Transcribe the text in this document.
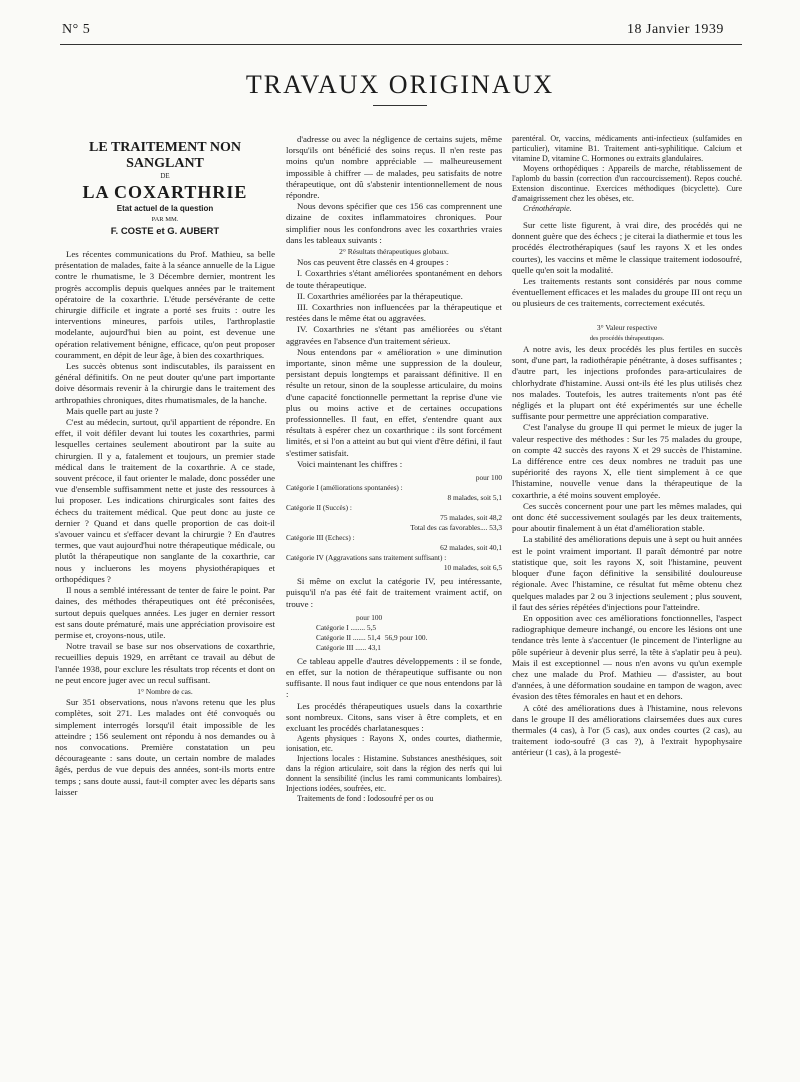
N° 5	18 Janvier 1939
TRAVAUX ORIGINAUX
LE TRAITEMENT NON SANGLANT
DE
LA COXARTHRIE
Etat actuel de la question
PAR MM.
F. COSTE et G. AUBERT

Les récentes communications du Prof. Mathieu, sa belle présentation de malades, faite à la séance annuelle de la Ligue contre le rhumatisme, le 3 Décembre dernier, montrent les progrès accomplis depuis quelques années par le traitement opératoire de la coxarthrie. L'étude persévérante de cette chirurgie difficile et ingrate a porté ses fruits : outre les interventions mineures, parfois utiles, l'arthroplastie modelante, aujourd'hui bien au point, est devenue une opération relativement bénigne, efficace, qu'on peut proposer couramment, en dépit de leur âge, à bien des coxarthriques.

Les succès obtenus sont indiscutables, ils paraissent en général définitifs. On ne peut douter qu'une part importante doive désormais revenir à la chirurgie dans le traitement des arthropathies chroniques, dites rhumatismales, de la hanche.

Mais quelle part au juste ?

C'est au médecin, surtout, qu'il appartient de répondre. En effet, il voit défiler devant lui toutes les coxarthries, parmi lesquelles certaines seulement aboutiront par la suite au chirurgien. Il y a, fatalement et toujours, un premier stade médical dans le traitement de la coxarthrie. A ce stade, souvent précoce, il faut orienter le malade, donc posséder une vue d'ensemble suffisamment nette et juste des ressources à lui proposer. Les indications chirurgicales sont faites des échecs du traitement médical. Que peut donc au juste ce dernier ? Quand et dans quelle proportion de cas doit-il s'avouer vaincu et s'effacer devant la chirurgie ? En d'autres termes, que vaut aujourd'hui notre thérapeutique médicale, ou plutôt la thérapeutique non sanglante de la coxarthrie, car nous y incluerons les moyens physiothérapiques et orthopédiques ?

Il nous a semblé intéressant de tenter de faire le point. Par daines, des méthodes thérapeutiques ont été préconisées, surtout depuis quelques années. Les juger en dernier ressort est sans doute prématuré, mais une appréciation provisoire est permise et, croyons-nous, utile.

Notre travail se base sur nos observations de coxarthrie, recueillies depuis 1929, en arrêtant ce travail au début de l'année 1938, pour exclure les résultats trop récents et dont on ne peut encore juger avec un recul suffisant.

1° Nombre de cas.

Sur 351 observations, nous n'avons retenu que les plus complètes, soit 271. Les malades ont été convoqués ou simplement interrogés lorsqu'il était impossible de les atteindre ; 156 seulement ont répondu à nos demandes ou à nos convocations. Première constatation un peu décourageante : sans doute, un certain nombre de malades âgés, perdus de vue depuis des années, sont-ils morts entre temps ; sans doute aussi, faut-il compter avec les départs sans laisser

d'adresse ou avec la négligence de certains sujets, même lorsqu'ils ont bénéficié des soins reçus. Il n'en reste pas moins qu'un nombre appréciable — malheureusement impossible à chiffrer — de malades, peu satisfaits de notre thérapeutique, ont dû s'abstenir intentionnellement de nous répondre.

Nous devons spécifier que ces 156 cas comprennent une dizaine de coxites inflammatoires chroniques. Pour simplifier nous les confondrons avec les coxarthries vraies dans les tableaux suivants :

2° Résultats thérapeutiques globaux.

Nos cas peuvent être classés en 4 groupes :

I. Coxarthries s'étant améliorées spontanément en dehors de toute thérapeutique.

II. Coxarthries améliorées par la thérapeutique.

III. Coxarthries non influencées par la thérapeutique et restées dans le même état ou aggravées.

IV. Coxarthries ne s'étant pas améliorées ou s'étant aggravées en l'absence d'un traitement sérieux.

Nous entendons par « amélioration » une diminution importante, sinon même une suppression de la douleur, persistant depuis longtemps et paraissant définitive. Il en résulte un retour, sinon de la souplesse articulaire, du moins d'une capacité fonctionnelle permettant la reprise d'une vie plus ou moins active et de certaines occupations professionnelles. Il faut, en effet, s'entendre quant aux résultats à espérer chez un coxarthrique : ils sont forcément limités, et si l'on a atteint au but qui vient d'être défini, il faut s'estimer satisfait.

Voici maintenant les chiffres :

pour 100
Catégorie I (améliorations spontanées) :
8 malades, soit 5,1
Catégorie II (Succès) :
75 malades, soit 48,2
Total des cas favorables.... 53,3
Catégorie III (Echecs) :
62 malades, soit 40,1
Catégorie IV (Aggravations sans traitement suffisant) :
10 malades, soit 6,5

Si même on exclut la catégorie IV, peu intéressante, puisqu'il n'a pas été fait de traitement vraiment actif, on trouve :

pour 100
Catégorie I ........ 5,5
Catégorie II ....... 51,4
Catégorie III ...... 43,1
56,9 pour 100.

Ce tableau appelle d'autres développements : il se fonde, en effet, sur la notion de thérapeutique suffisante ou non suffisante. Il nous faut indiquer ce que nous entendons par là :

Les procédés thérapeutiques usuels dans la coxarthrie sont nombreux. Citons, sans viser à être complets, et en excluant les procédés charlatanesques :

Agents physiques : Rayons X, ondes courtes, diathermie, ionisation, etc.

Injections locales : Histamine. Substances anesthésiques, soit dans la région articulaire, soit dans la région des nerfs qui lui donnent la sensibilité (inclus les rami communicants lombaires). Injections iodées, soufrées, etc.

Traitements de fond : Iodosoufré per os ou

parentéral. Or, vaccins, médicaments anti-infectieux (sulfamides en particulier), vitamine B1. Traitement anti-syphilitique. Calcium et vitamine D, vitamine C. Hormones ou extraits glandulaires.

Moyens orthopédiques : Appareils de marche, rétablissement de l'aplomb du bassin (correction d'un raccourcissement). Repos couché. Extension discontinue. Exercices méthodiques (bicyclette). Cure d'amaigrissement chez les obèses, etc.

Crénothérapie.

Sur cette liste figurent, à vrai dire, des procédés qui ne donnent guère que des échecs ; je citerai la diathermie et tous les procédés électrothérapiques (sauf les rayons X et les ondes courtes), les vaccins et même le classique traitement iodosoufré, quelle qu'en soit la modalité.

Les traitements restants sont considérés par nous comme éventuellement efficaces et les malades du groupe III ont reçu un ou plusieurs de ces traitements, correctement exécutés.

3° Valeur respective

des procédés thérapeutiques.

A notre avis, les deux procédés les plus fertiles en succès sont, d'une part, la radiothérapie pénétrante, à doses suffisantes ; d'autre part, les injections profondes para-articulaires de chlorhydrate d'histamine. Aussi ont-ils été les plus utilisés chez nos malades. Toutefois, les autres traitements n'ont pas été négligés et la plupart ont été expérimentés sur une échelle suffisante pour permettre une appréciation comparative.

C'est l'analyse du groupe II qui permet le mieux de juger la valeur respective des méthodes : Sur les 75 malades du groupe, on compte 42 succès des rayons X et 29 succès de l'histamine. La différence entre ces deux nombres ne traduit pas une supériorité des rayons X, elle tient simplement à ce que l'histamine, nouvelle venue dans la thérapeutique de la coxarthrie, a été moins souvent employée.

Ces succès concernent pour une part les mêmes malades, qui ont donc été successivement soulagés par les deux traitements, pour aboutir finalement à un état d'amélioration stable.

La stabilité des améliorations depuis une à sept ou huit années est le point vraiment important. Il paraît démontré par notre statistique que, soit les rayons X, soit l'histamine, peuvent bloquer d'une façon définitive la sensibilité douloureuse régionale. Avec l'histamine, ce résultat fut même obtenu chez quelques malades par 2 ou 3 injections seulement ; plus souvent, il faut des séries répétées d'injections pour l'atteindre.

En opposition avec ces améliorations fonctionnelles, l'aspect radiographique demeure inchangé, ou encore les lésions ont une tendance très lente à s'accentuer (le pincement de l'interligne au pôle supérieur à devenir plus serré, la tête à s'aplatir peu à peu). Mais il est exceptionnel — nous n'en avons vu qu'un exemple chez une malade du Prof. Mathieu — d'assister, au bout d'années, à une déformation soudaine en tampon de wagon, avec évasion des têtes fémorales en haut et en dehors.

A côté des améliorations dues à l'histamine, nous relevons dans le groupe II des améliorations clairsemées dues aux cures thermales (4 cas), à l'or (5 cas), aux ondes courtes (2 cas), au traitement iodo-soufré (3 cas ?), à l'extrait hypophysaire antérieur (1 cas), à la progesté-
